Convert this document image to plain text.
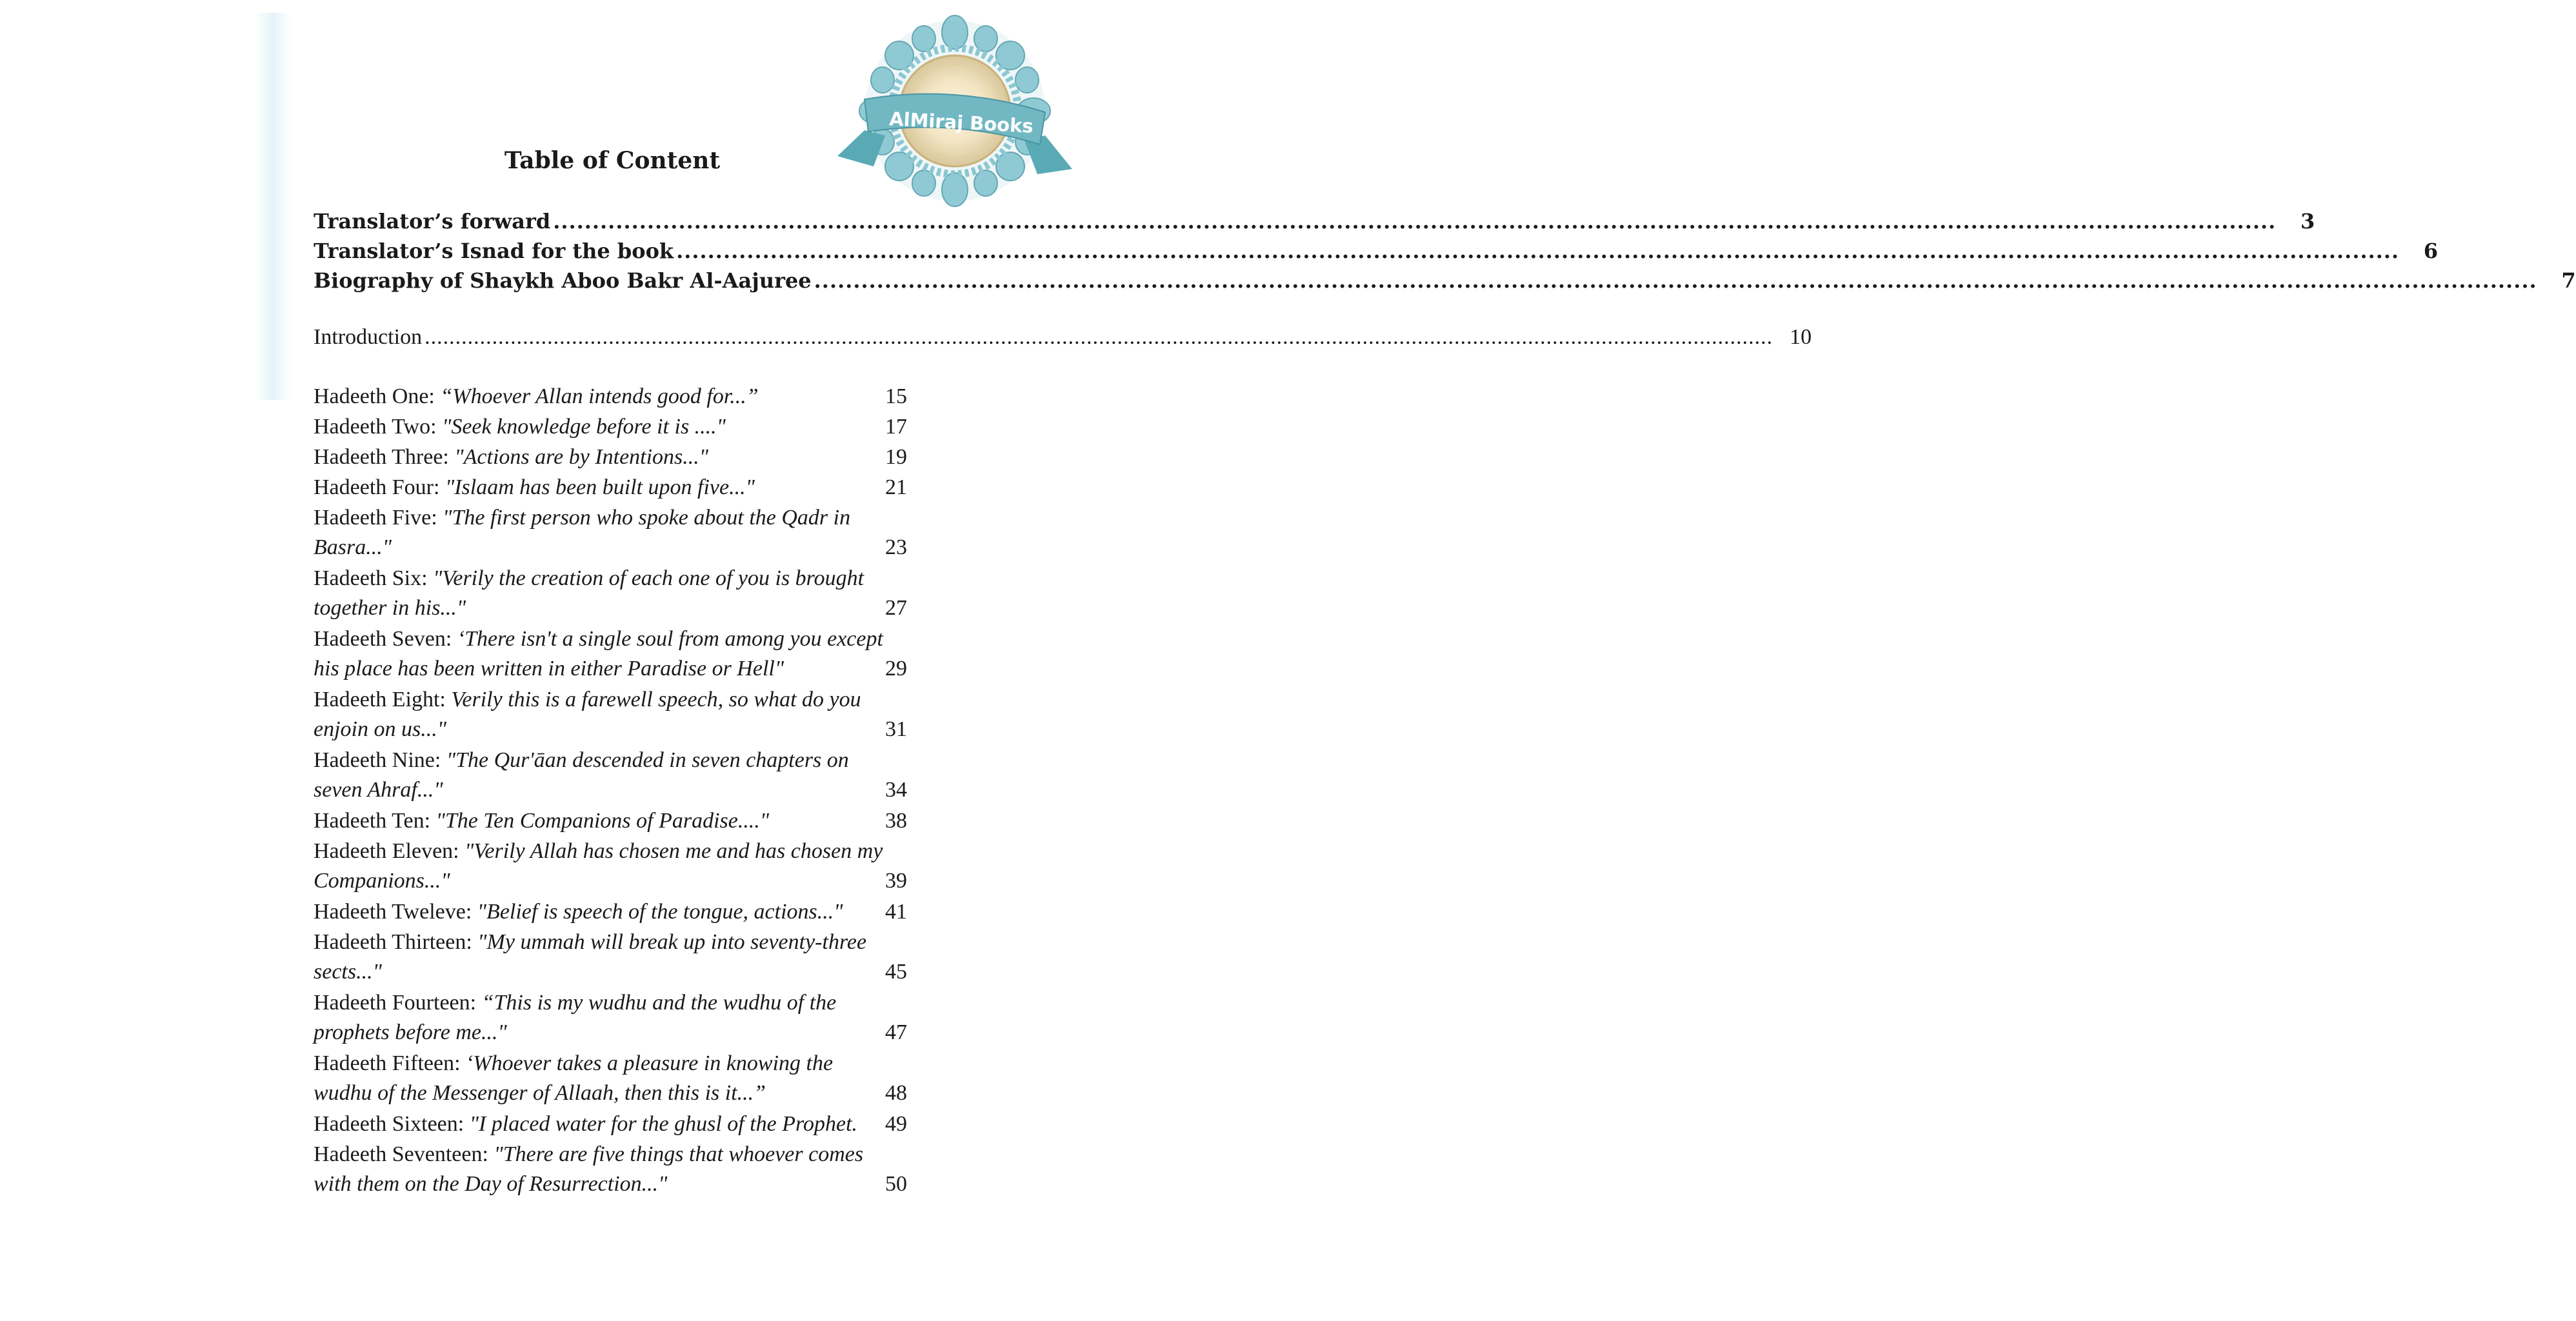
AlMiraj Books
Table of Content
Translator’s forward ............................................................................................................................................................................................................................	3
Translator’s Isnad for the book ............................................................................................................................................................................................................................	6
Biography of Shaykh Aboo Bakr Al-Aajuree ............................................................................................................................................................................................................................	7
Introduction ............................................................................................................................................................................................................................ 10
Hadeeth One: “Whoever Allan intends good for...”	15
Hadeeth Two: "Seek knowledge before it is ...."	17
Hadeeth Three: "Actions are by Intentions..."	19
Hadeeth Four: "Islaam has been built upon five..."	21
Hadeeth Five: "The first person who spoke about the Qadr in
Basra..."	23
Hadeeth Six: "Verily the creation of each one of you is brought
together in his..."	27
Hadeeth Seven: ‘There isn't a single soul from among you except
his place has been written in either Paradise or Hell"	29
Hadeeth Eight: Verily this is a farewell speech, so what do you
enjoin on us..."	31
Hadeeth Nine: "The Qur'āan descended in seven chapters on
seven Ahraf..."	34
Hadeeth Ten: "The Ten Companions of Paradise...."	38
Hadeeth Eleven: "Verily Allah has chosen me and has chosen my
Companions..."	39
Hadeeth Tweleve: "Belief is speech of the tongue, actions..."	41
Hadeeth Thirteen: "My ummah will break up into seventy-three
sects..."	45
Hadeeth Fourteen: “This is my wudhu and the wudhu of the
prophets before me..."	47
Hadeeth Fifteen: ‘Whoever takes a pleasure in knowing the
wudhu of the Messenger of Allaah, then this is it...”	48
Hadeeth Sixteen: "I placed water for the ghusl of the Prophet.	49
Hadeeth Seventeen: "There are five things that whoever comes
with them on the Day of Resurrection..."	50
